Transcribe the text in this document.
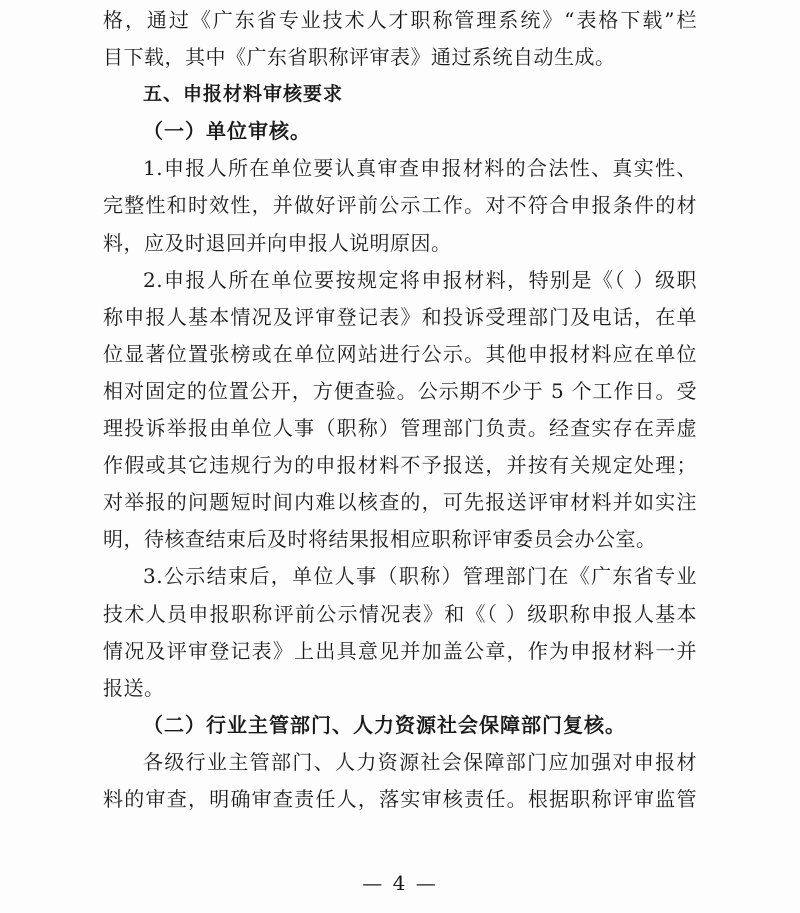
格，通过《广东省专业技术人才职称管理系统》“表格下载”栏
目下载，其中《广东省职称评审表》通过系统自动生成。
五、申报材料审核要求
（一）单位审核。
1.申报人所在单位要认真审查申报材料的合法性、真实性、
完整性和时效性，并做好评前公示工作。对不符合申报条件的材
料，应及时退回并向申报人说明原因。
2.申报人所在单位要按规定将申报材料，特别是《（ ）级职
称申报人基本情况及评审登记表》和投诉受理部门及电话，在单
位显著位置张榜或在单位网站进行公示。其他申报材料应在单位
相对固定的位置公开，方便查验。公示期不少于 5 个工作日。受
理投诉举报由单位人事（职称）管理部门负责。经查实存在弄虚
作假或其它违规行为的申报材料不予报送，并按有关规定处理；
对举报的问题短时间内难以核查的，可先报送评审材料并如实注
明，待核查结束后及时将结果报相应职称评审委员会办公室。
3.公示结束后，单位人事（职称）管理部门在《广东省专业
技术人员申报职称评前公示情况表》和《（ ）级职称申报人基本
情况及评审登记表》上出具意见并加盖公章，作为申报材料一并
报送。
（二）行业主管部门、人力资源社会保障部门复核。
各级行业主管部门、人力资源社会保障部门应加强对申报材
料的审查，明确审查责任人，落实审核责任。根据职称评审监管
— 4 —
